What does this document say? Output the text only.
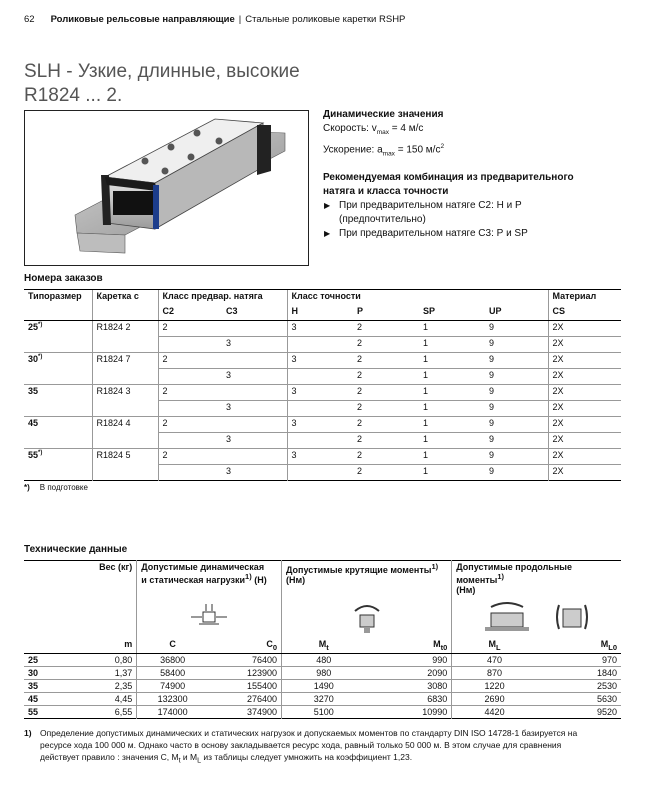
62 Роликовые рельсовые направляющие | Стальные роликовые каретки RSHP
SLH - Узкие, длинные, высокие
R1824 ... 2.
Динамические значения
Скорость: $v_{max} = 4$ м/с
Ускорение: $a_{max} = 150$ $м/с^2$
Рекомендуемая комбинация из предварительного
натяга и класса точности
▶ При предварительном натяге С2: Н и Р
(предпочтительно)
▶ При предварительном натяге С3: Р и SP
Номера заказов
Типоразмер	Каретка с	Класс предвар. натяга		Класс точности				Материал
		C2	C3	H	P	SP	UP	CS
25*)	R1824 2	2		3	2	1	9	2X
			3		2	1	9	2X
30*)	R1824 7	2		3	2	1	9	2X
			3		2	1	9	2X
35	R1824 3	2		3	2	1	9	2X
			3		2	1	9	2X
45	R1824 4	2		3	2	1	9	2X
			3		2	1	9	2X
55*)	R1824 5	2		3	2	1	9	2X
			3		2	1	9	2X

*) В подготовке
Технические данные
	Вес (кг)	Допустимые динамическая
и статическая нагрузки$^{1)}$ (Н)		Допустимые крутящие моменты$^{1)}$
(Нм)		Допустимые продольные моменты$^{1)}$
(Нм)	

	m	C	$C_0$	$M_t$	$M_{t0}$	$M_L$	$M_{L0}$
25	0,80	36800	76400	480	990	470	970
30	1,37	58400	123900	980	2090	870	1840
35	2,35	74900	155400	1490	3080	1220	2530
45	4,45	132300	276400	3270	6830	2690	5630
55	6,55	174000	374900	5100	10990	4420	9520
1) Определение допустимых динамических и статических нагрузок и допускаемых моментов по стандарту DIN ISO 14728-1 базируется на
ресурсе хода 100 000 м. Однако часто в основу закладывается ресурс хода, равный только 50 000 м. В этом случае для сравнения
действует правило : значения С, $M_t$ и $M_L$ из таблицы следует умножить на коэффициент 1,23.
